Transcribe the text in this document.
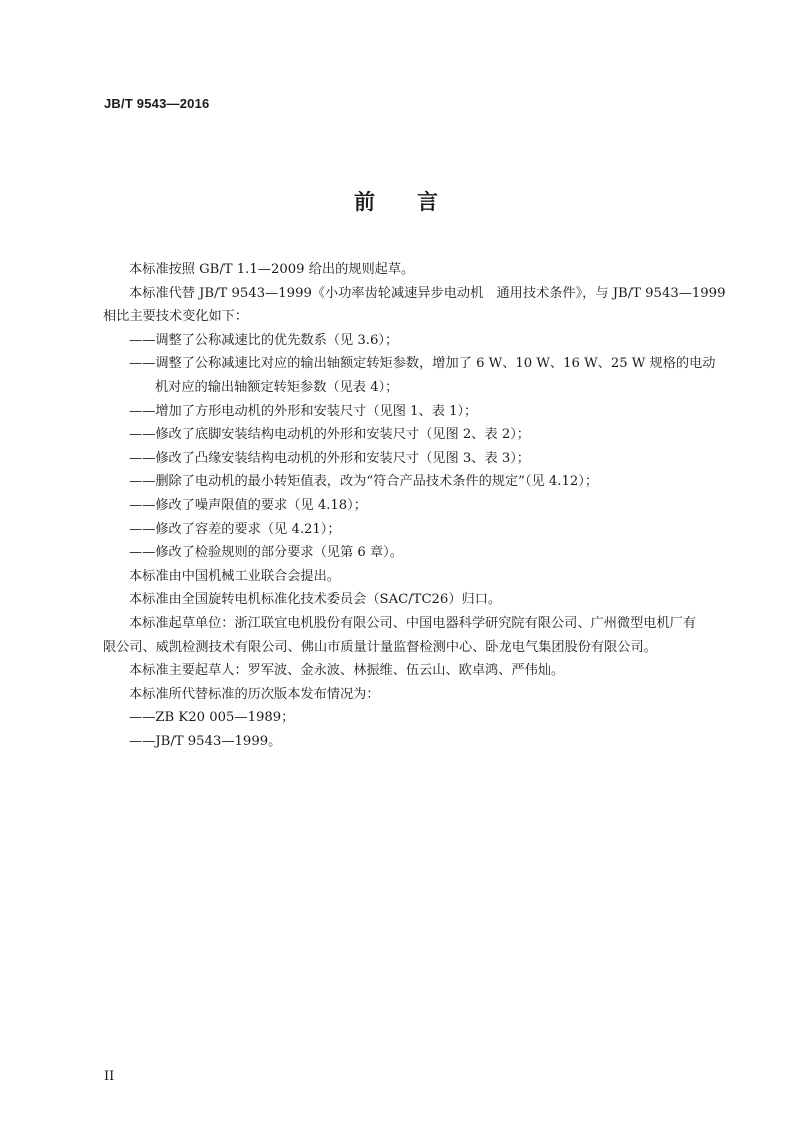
JB/T 9543—2016
前 言

本标准按照 GB/T 1.1—2009 给出的规则起草。

本标准代替 JB/T 9543—1999《小功率齿轮减速异步电动机　通用技术条件》，与 JB/T 9543—1999

相比主要技术变化如下：

——调整了公称减速比的优先数系（见 3.6）；

——调整了公称减速比对应的输出轴额定转矩参数，增加了 6 W、10 W、16 W、25 W 规格的电动

机对应的输出轴额定转矩参数（见表 4）；

——增加了方形电动机的外形和安装尺寸（见图 1、表 1）；

——修改了底脚安装结构电动机的外形和安装尺寸（见图 2、表 2）；

——修改了凸缘安装结构电动机的外形和安装尺寸（见图 3、表 3）；

——删除了电动机的最小转矩值表，改为“符合产品技术条件的规定”（见 4.12）；

——修改了噪声限值的要求（见 4.18）；

——修改了容差的要求（见 4.21）；

——修改了检验规则的部分要求（见第 6 章）。

本标准由中国机械工业联合会提出。

本标准由全国旋转电机标准化技术委员会（SAC/TC26）归口。

本标准起草单位：浙江联宜电机股份有限公司、中国电器科学研究院有限公司、广州微型电机厂有

限公司、威凯检测技术有限公司、佛山市质量计量监督检测中心、卧龙电气集团股份有限公司。

本标准主要起草人：罗军波、金永波、林振维、伍云山、欧卓鸿、严伟灿。

本标准所代替标准的历次版本发布情况为：

——ZB K20 005—1989；

——JB/T 9543—1999。

II
